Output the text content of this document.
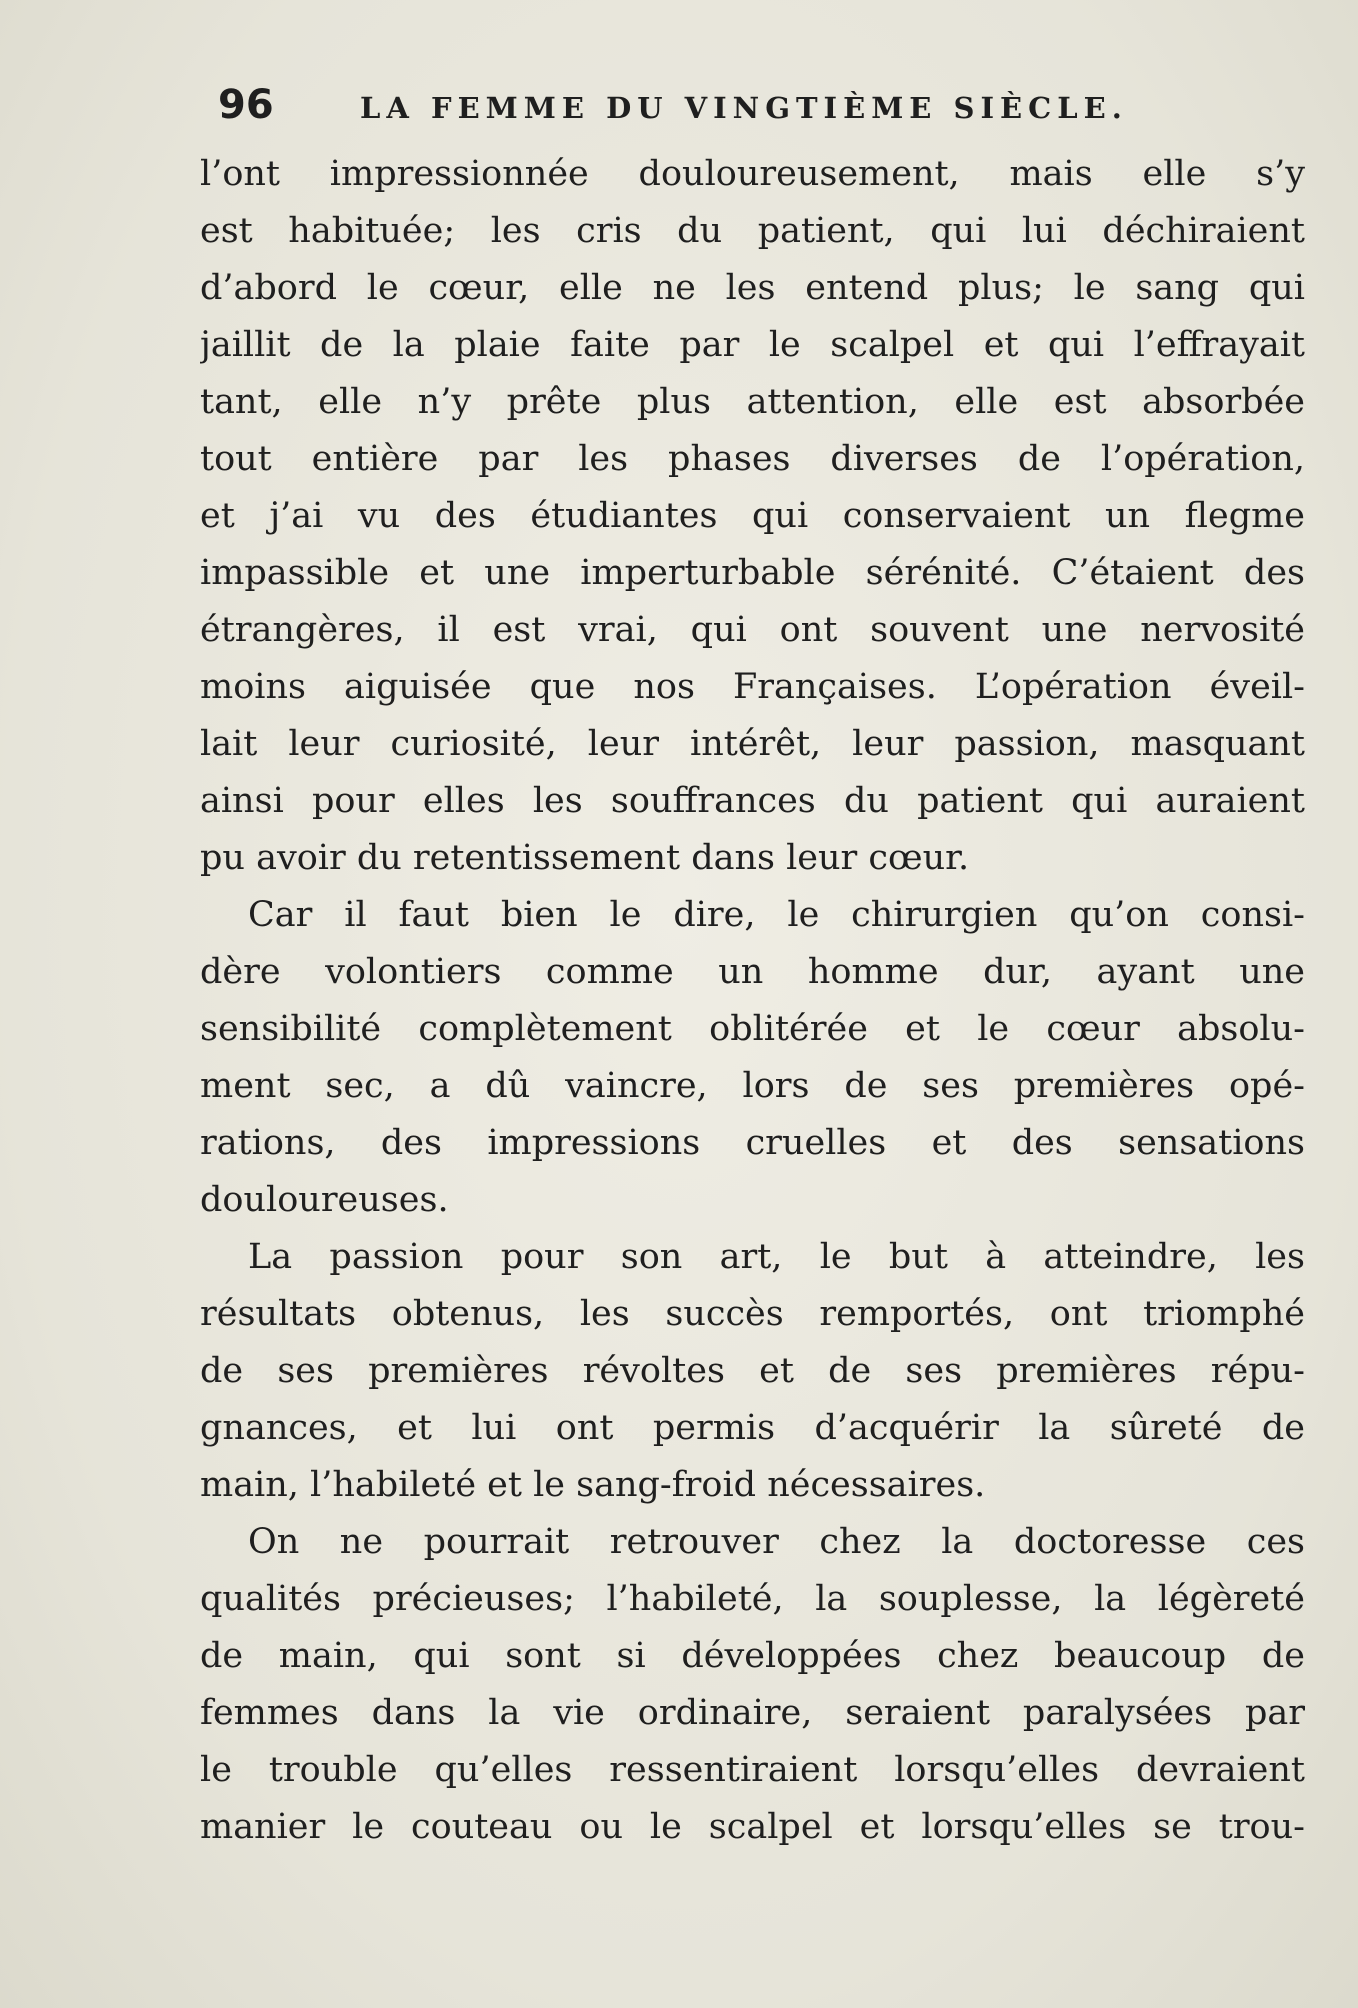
96	LA FEMME DU VINGTIÈME SIÈCLE.
l’ont impressionnée douloureusement, mais elle s’y
est habituée; les cris du patient, qui lui déchiraient
d’abord le cœur, elle ne les entend plus; le sang qui
jaillit de la plaie faite par le scalpel et qui l’effrayait
tant, elle n’y prête plus attention, elle est absorbée
tout entière par les phases diverses de l’opération,
et j’ai vu des étudiantes qui conservaient un flegme
impassible et une imperturbable sérénité. C’étaient des
étrangères, il est vrai, qui ont souvent une nervosité
moins aiguisée que nos Françaises. L’opération éveil-
lait leur curiosité, leur intérêt, leur passion, masquant
ainsi pour elles les souffrances du patient qui auraient
pu avoir du retentissement dans leur cœur.
Car il faut bien le dire, le chirurgien qu’on consi-
dère volontiers comme un homme dur, ayant une
sensibilité complètement oblitérée et le cœur absolu-
ment sec, a dû vaincre, lors de ses premières opé-
rations, des impressions cruelles et des sensations
douloureuses.
La passion pour son art, le but à atteindre, les
résultats obtenus, les succès remportés, ont triomphé
de ses premières révoltes et de ses premières répu-
gnances, et lui ont permis d’acquérir la sûreté de
main, l’habileté et le sang-froid nécessaires.
On ne pourrait retrouver chez la doctoresse ces
qualités précieuses; l’habileté, la souplesse, la légèreté
de main, qui sont si développées chez beaucoup de
femmes dans la vie ordinaire, seraient paralysées par
le trouble qu’elles ressentiraient lorsqu’elles devraient
manier le couteau ou le scalpel et lorsqu’elles se trou-
